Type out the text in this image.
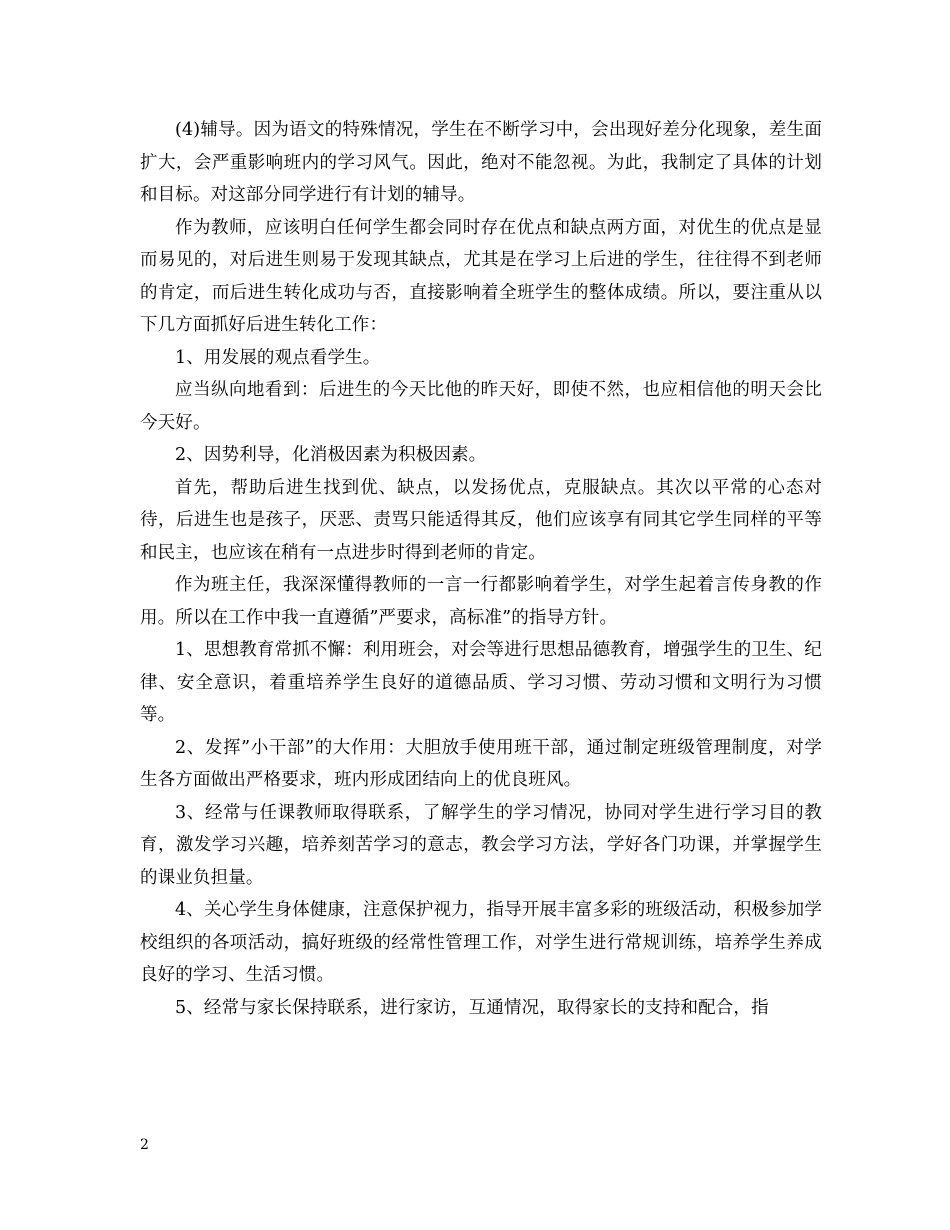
(4)辅导。因为语文的特殊情况，学生在不断学习中，会出现好差分化现象，差生面扩大，会严重影响班内的学习风气。因此，绝对不能忽视。为此，我制定了具体的计划和目标。对这部分同学进行有计划的辅导。

作为教师，应该明白任何学生都会同时存在优点和缺点两方面，对优生的优点是显而易见的，对后进生则易于发现其缺点，尤其是在学习上后进的学生，往往得不到老师的肯定，而后进生转化成功与否，直接影响着全班学生的整体成绩。所以，要注重从以下几方面抓好后进生转化工作：

1、用发展的观点看学生。

应当纵向地看到：后进生的今天比他的昨天好，即使不然，也应相信他的明天会比今天好。

2、因势利导，化消极因素为积极因素。

首先，帮助后进生找到优、缺点，以发扬优点，克服缺点。其次以平常的心态对待，后进生也是孩子，厌恶、责骂只能适得其反，他们应该享有同其它学生同样的平等和民主，也应该在稍有一点进步时得到老师的肯定。

作为班主任，我深深懂得教师的一言一行都影响着学生，对学生起着言传身教的作用。所以在工作中我一直遵循”严要求，高标准”的指导方针。

1、思想教育常抓不懈：利用班会，对会等进行思想品德教育，增强学生的卫生、纪律、安全意识，着重培养学生良好的道德品质、学习习惯、劳动习惯和文明行为习惯等。

2、发挥”小干部”的大作用：大胆放手使用班干部，通过制定班级管理制度，对学生各方面做出严格要求，班内形成团结向上的优良班风。

3、经常与任课教师取得联系，了解学生的学习情况，协同对学生进行学习目的教育，激发学习兴趣，培养刻苦学习的意志，教会学习方法，学好各门功课，并掌握学生的课业负担量。

4、关心学生身体健康，注意保护视力，指导开展丰富多彩的班级活动，积极参加学校组织的各项活动，搞好班级的经常性管理工作，对学生进行常规训练，培养学生养成良好的学习、生活习惯。

5、经常与家长保持联系，进行家访，互通情况，取得家长的支持和配合，指

2
